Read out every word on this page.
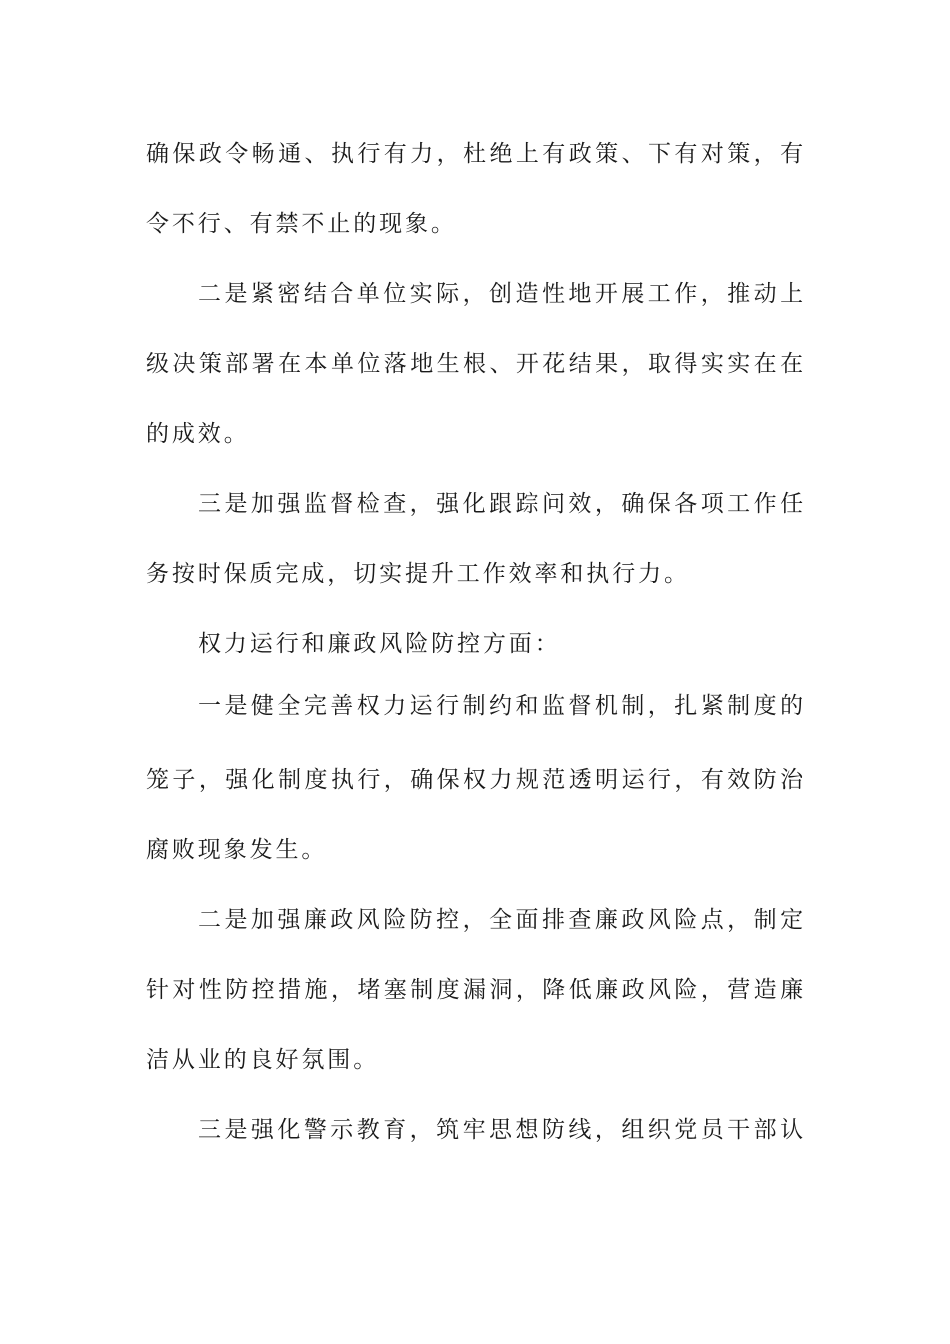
确保政令畅通、执行有力，杜绝上有政策、下有对策，有
令不行、有禁不止的现象。
二是紧密结合单位实际，创造性地开展工作，推动上
级决策部署在本单位落地生根、开花结果，取得实实在在
的成效。
三是加强监督检查，强化跟踪问效，确保各项工作任
务按时保质完成，切实提升工作效率和执行力。
权力运行和廉政风险防控方面：
一是健全完善权力运行制约和监督机制，扎紧制度的
笼子，强化制度执行，确保权力规范透明运行，有效防治
腐败现象发生。
二是加强廉政风险防控，全面排查廉政风险点，制定
针对性防控措施，堵塞制度漏洞，降低廉政风险，营造廉
洁从业的良好氛围。
三是强化警示教育，筑牢思想防线，组织党员干部认
